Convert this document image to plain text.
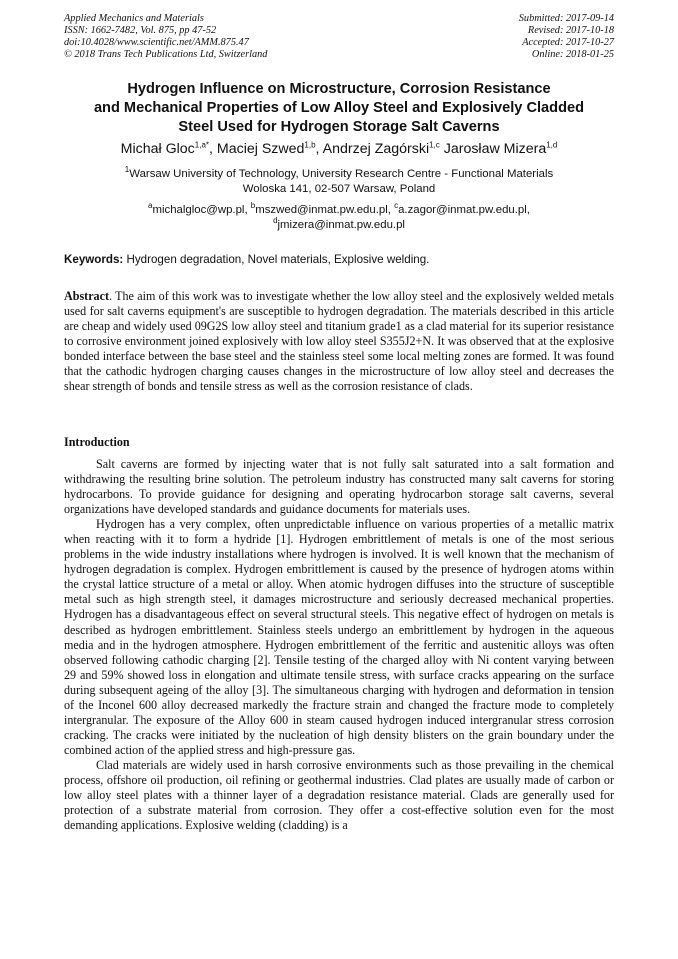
Applied Mechanics and Materials
ISSN: 1662-7482, Vol. 875, pp 47-52
doi:10.4028/www.scientific.net/AMM.875.47
© 2018 Trans Tech Publications Ltd, Switzerland
Submitted: 2017-09-14
Revised: 2017-10-18
Accepted: 2017-10-27
Online: 2018-01-25
Hydrogen Influence on Microstructure, Corrosion Resistance
and Mechanical Properties of Low Alloy Steel and Explosively Cladded
Steel Used for Hydrogen Storage Salt Caverns
Michał Gloc$^{1,a*}$, Maciej Szwed$^{1,b}$, Andrzej Zagórski$^{1,c}$ Jarosław Mizera$^{1,d}$
$^1$Warsaw University of Technology, University Research Centre - Functional Materials
Woloska 141, 02-507 Warsaw, Poland
$^a$michalgloc@wp.pl, $^b$mszwed@inmat.pw.edu.pl, $^c$a.zagor@inmat.pw.edu.pl,
$^d$jmizera@inmat.pw.edu.pl
Keywords: Hydrogen degradation, Novel materials, Explosive welding.
Abstract. The aim of this work was to investigate whether the low alloy steel and the explosively welded metals used for salt caverns equipment's are susceptible to hydrogen degradation. The materials described in this article are cheap and widely used 09G2S low alloy steel and titanium grade1 as a clad material for its superior resistance to corrosive environment joined explosively with low alloy steel S355J2+N. It was observed that at the explosive bonded interface between the base steel and the stainless steel some local melting zones are formed. It was found that the cathodic hydrogen charging causes changes in the microstructure of low alloy steel and decreases the shear strength of bonds and tensile stress as well as the corrosion resistance of clads.
Introduction

Salt caverns are formed by injecting water that is not fully salt saturated into a salt formation and withdrawing the resulting brine solution. The petroleum industry has constructed many salt caverns for storing hydrocarbons. To provide guidance for designing and operating hydrocarbon storage salt caverns, several organizations have developed standards and guidance documents for materials uses.

Hydrogen has a very complex, often unpredictable influence on various properties of a metallic matrix when reacting with it to form a hydride [1]. Hydrogen embrittlement of metals is one of the most serious problems in the wide industry installations where hydrogen is involved. It is well known that the mechanism of hydrogen degradation is complex. Hydrogen embrittlement is caused by the presence of hydrogen atoms within the crystal lattice structure of a metal or alloy. When atomic hydrogen diffuses into the structure of susceptible metal such as high strength steel, it damages microstructure and seriously decreased mechanical properties. Hydrogen has a disadvantageous effect on several structural steels. This negative effect of hydrogen on metals is described as hydrogen embrittlement. Stainless steels undergo an embrittlement by hydrogen in the aqueous media and in the hydrogen atmosphere. Hydrogen embrittlement of the ferritic and austenitic alloys was often observed following cathodic charging [2]. Tensile testing of the charged alloy with Ni content varying between 29 and 59% showed loss in elongation and ultimate tensile stress, with surface cracks appearing on the surface during subsequent ageing of the alloy [3]. The simultaneous charging with hydrogen and deformation in tension of the Inconel 600 alloy decreased markedly the fracture strain and changed the fracture mode to completely intergranular. The exposure of the Alloy 600 in steam caused hydrogen induced intergranular stress corrosion cracking. The cracks were initiated by the nucleation of high density blisters on the grain boundary under the combined action of the applied stress and high-pressure gas.

Clad materials are widely used in harsh corrosive environments such as those prevailing in the chemical process, offshore oil production, oil refining or geothermal industries. Clad plates are usually made of carbon or low alloy steel plates with a thinner layer of a degradation resistance material. Clads are generally used for protection of a substrate material from corrosion. They offer a cost-effective solution even for the most demanding applications. Explosive welding (cladding) is a
